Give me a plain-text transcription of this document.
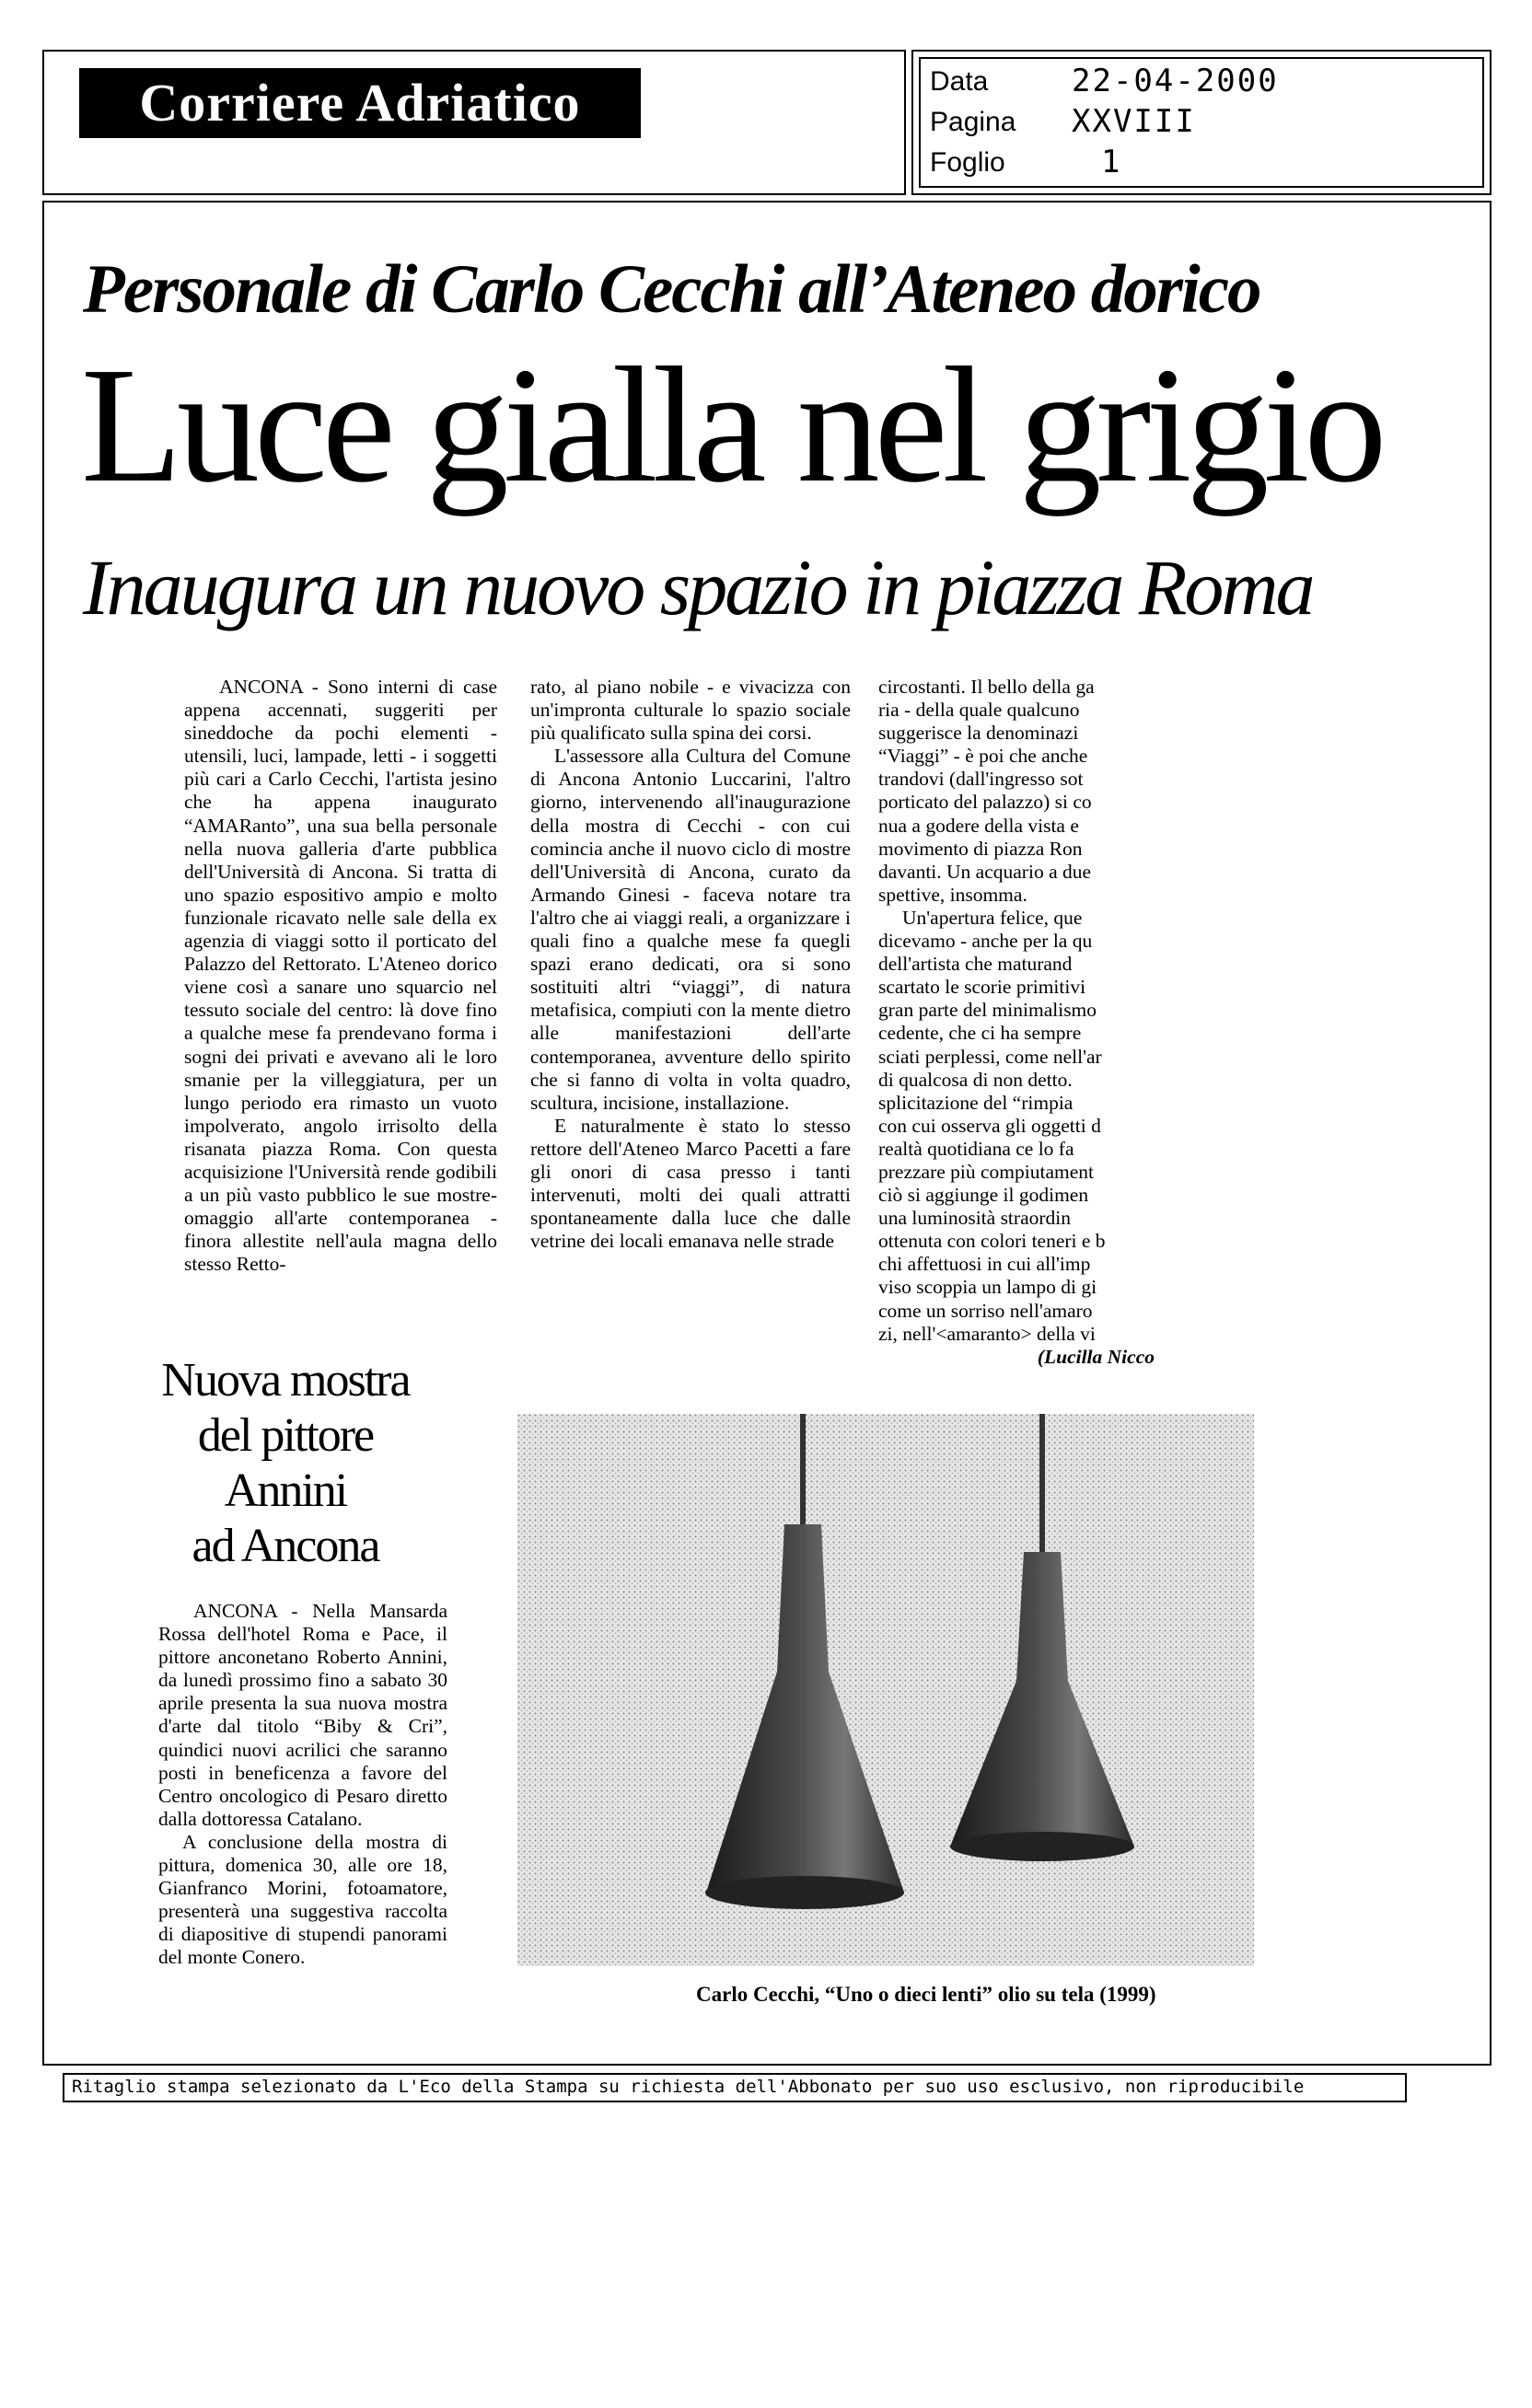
Corriere Adriatico	Data	22-04-2000
Pagina XXVIII
Foglio	1
Personale di Carlo Cecchi all’Ateneo dorico
Luce gialla nel grigio
Inaugura un nuovo spazio in piazza Roma

ANCONA - Sono interni di case appena accennati, suggeriti per sineddoche da pochi elementi - utensili, luci, lampade, letti - i soggetti più cari a Carlo Cecchi, l'artista jesino che ha appena inaugurato “AMARanto”, una sua bella personale nella nuova galleria d'arte pubblica dell'Università di Ancona. Si tratta di uno spazio espositivo ampio e molto funzionale ricavato nelle sale della ex agenzia di viaggi sotto il porticato del Palazzo del Rettorato. L'Ateneo dorico viene così a sanare uno squarcio nel tessuto sociale del centro: là dove fino a qualche mese fa prendevano forma i sogni dei privati e avevano ali le loro smanie per la villeggiatura, per un lungo periodo era rimasto un vuoto impolverato, angolo irrisolto della risanata piazza Roma. Con questa acquisizione l'Università rende godibili a un più vasto pubblico le sue mostre-omaggio all'arte contemporanea - finora allestite nell'aula magna dello stesso Retto-

rato, al piano nobile - e vivacizza con un'impronta culturale lo spazio sociale più qualificato sulla spina dei corsi.

L'assessore alla Cultura del Comune di Ancona Antonio Luccarini, l'altro giorno, intervenendo all'inaugurazione della mostra di Cecchi - con cui comincia anche il nuovo ciclo di mostre dell'Università di Ancona, curato da Armando Ginesi - faceva notare tra l'altro che ai viaggi reali, a organizzare i quali fino a qualche mese fa quegli spazi erano dedicati, ora si sono sostituiti altri “viaggi”, di natura metafisica, compiuti con la mente dietro alle manifestazioni dell'arte contemporanea, avventure dello spirito che si fanno di volta in volta quadro, scultura, incisione, installazione.

E naturalmente è stato lo stesso rettore dell'Ateneo Marco Pacetti a fare gli onori di casa presso i tanti intervenuti, molti dei quali attratti spontaneamente dalla luce che dalle vetrine dei locali emanava nelle strade

circostanti. Il bello della ga

ria - della quale qualcuno

suggerisce la denominazi

“Viaggi” - è poi che anche

trandovi (dall'ingresso sot

porticato del palazzo) si co

nua a godere della vista e

movimento di piazza Ron

davanti. Un acquario a due

spettive, insomma.

Un'apertura felice, que

dicevamo - anche per la qu

dell'artista che maturand

scartato le scorie primitivi

gran parte del minimalismo

cedente, che ci ha sempre

sciati perplessi, come nell'ar

di qualcosa di non detto.

splicitazione del “rimpia

con cui osserva gli oggetti d

realtà quotidiana ce lo fa

prezzare più compiutament

ciò si aggiunge il godimen

una luminosità straordin

ottenuta con colori teneri e b

chi affettuosi in cui all'imp

viso scoppia un lampo di gi

come un sorriso nell'amaro

zi, nell'<amaranto> della vi

(Lucilla Nicco

Nuova mostra
del pittore
Annini
ad Ancona

ANCONA - Nella Mansarda Rossa dell'hotel Roma e Pace, il pittore anconetano Roberto Annini, da lunedì prossimo fino a sabato 30 aprile presenta la sua nuova mostra d'arte dal titolo “Biby & Cri”, quindici nuovi acrilici che saranno posti in beneficenza a favore del Centro oncologico di Pesaro diretto dalla dottoressa Catalano.

A conclusione della mostra di pittura, domenica 30, alle ore 18, Gianfranco Morini, fotoamatore, presenterà una suggestiva raccolta di diapositive di stupendi panorami del monte Conero.

Carlo Cecchi, “Uno o dieci lenti” olio su tela (1999)
Ritaglio stampa selezionato da L'Eco della Stampa su richiesta dell'Abbonato per suo uso esclusivo, non riproducibile
